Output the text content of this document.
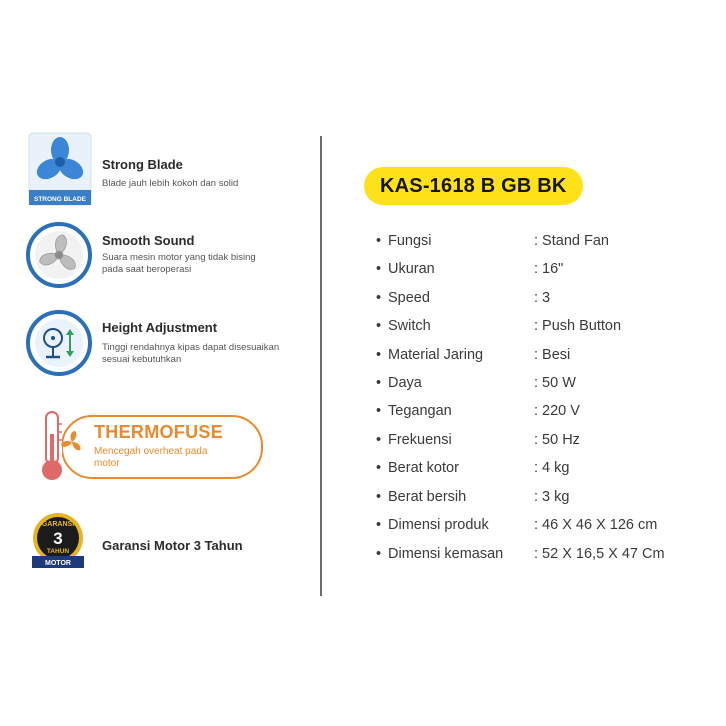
STRONG BLADE
Strong Blade
Blade jauh lebih kokoh dan solid
Smooth Sound
Suara mesin motor yang tidak bising pada saat beroperasi
Height Adjustment
Tinggi rendahnya kipas dapat disesuaikan sesuai kebutuhkan
THERMOFUSE
Mencegah overheat pada motor
GARANSI
3
TAHUN
MOTOR
Garansi Motor 3 Tahun
KAS-1618 B GB BK
• Fungsi	: Stand Fan
• Ukuran	: 16"
• Speed	: 3
• Switch	: Push Button
• Material Jaring	: Besi
• Daya	: 50 W
• Tegangan	: 220 V
• Frekuensi	: 50 Hz
• Berat kotor	: 4 kg
• Berat bersih	: 3 kg
• Dimensi produk	: 46 X 46 X 126 cm
• Dimensi kemasan : 52 X 16,5 X 47 Cm
